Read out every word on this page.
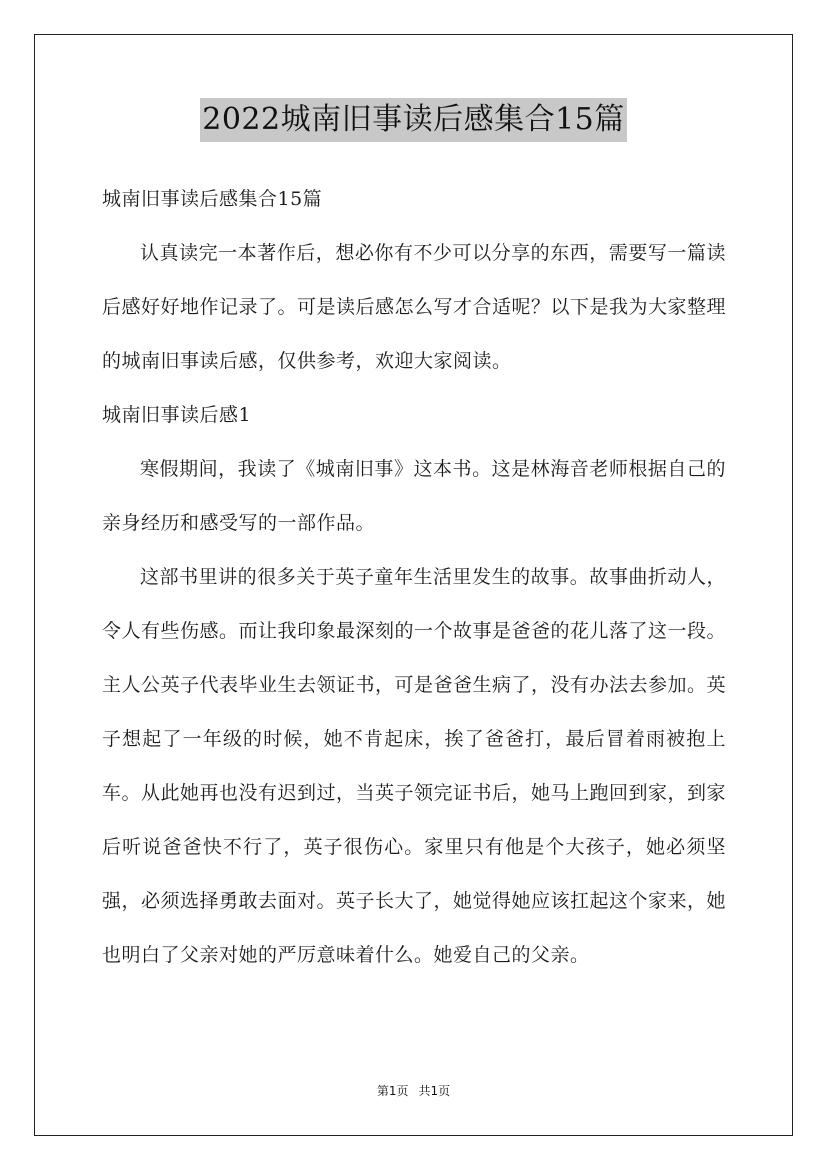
2022城南旧事读后感集合15篇

城南旧事读后感集合15篇

认真读完一本著作后，想必你有不少可以分享的东西，需要写一篇读后感好好地作记录了。可是读后感怎么写才合适呢？以下是我为大家整理的城南旧事读后感，仅供参考，欢迎大家阅读。

城南旧事读后感1

寒假期间，我读了《城南旧事》这本书。这是林海音老师根据自己的亲身经历和感受写的一部作品。

这部书里讲的很多关于英子童年生活里发生的故事。故事曲折动人，令人有些伤感。而让我印象最深刻的一个故事是爸爸的花儿落了这一段。主人公英子代表毕业生去领证书，可是爸爸生病了，没有办法去参加。英子想起了一年级的时候，她不肯起床，挨了爸爸打，最后冒着雨被抱上车。从此她再也没有迟到过，当英子领完证书后，她马上跑回到家，到家后听说爸爸快不行了，英子很伤心。家里只有他是个大孩子，她必须坚强，必须选择勇敢去面对。英子长大了，她觉得她应该扛起这个家来，她也明白了父亲对她的严厉意味着什么。她爱自己的父亲。

第1页 共1页
